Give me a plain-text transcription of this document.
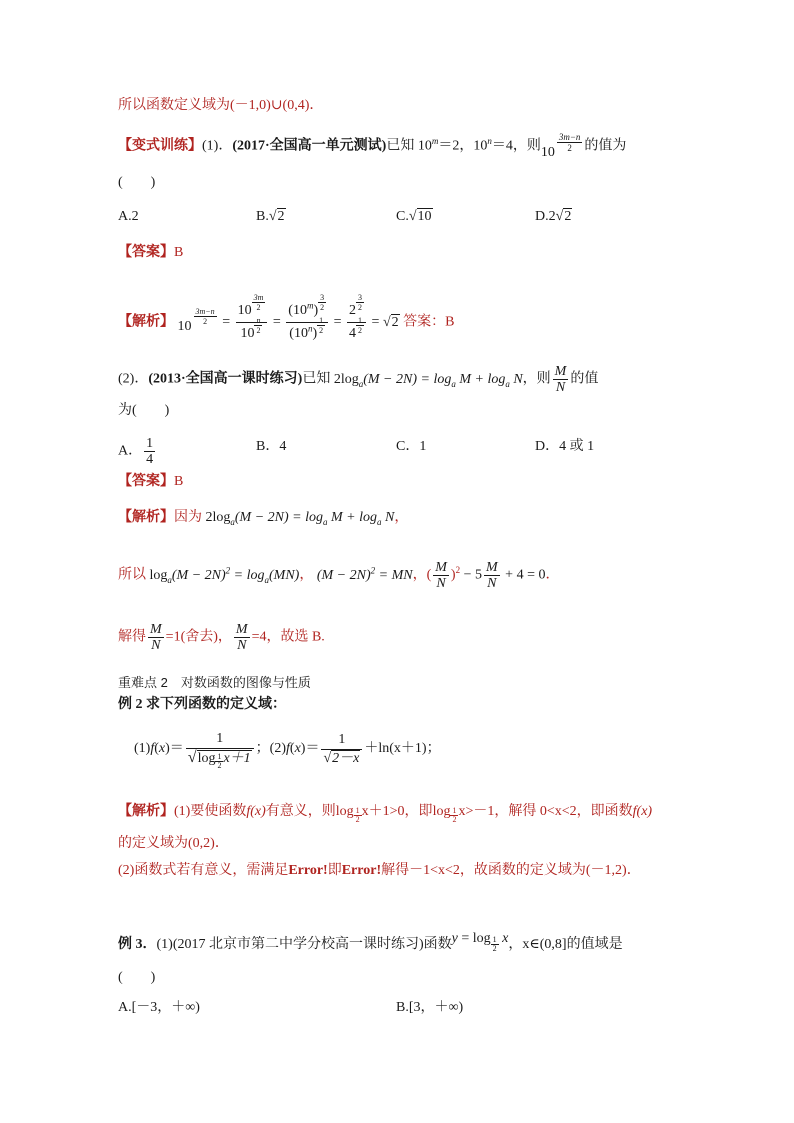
所以函数定义域为(－1,0)∪(0,4)．
【变式训练】(1)．(2017·全国高一单元测试)已知 $10^m=2$，$10^n=4$，则$10 \frac{3m-n}{2}$ 的值为
(　　)
A.2	B.√2	C.√10	D.2√2
【答案】B
【解析】 10
$\frac{3m-n}{2} = \frac{10 \frac{3m}{2}}{10 \frac{n}{2}} = \frac{(10^m) \frac{3}{2}}{(10^n) \frac{1}{2}} = \frac{2 \frac{3}{2}}{4 \frac{1}{2}} = √2$ 答案：B
(2)．(2013·全国高一课时练习)已知 $2\log_a(M - 2N) = \log_a M + \log_a N$，则 $\frac{M}{N}$ 的值
为(　　)
A． $\frac{1}{4}$	B．4	C．1	D．4 或 1
【答案】B
【解析】因为 $2\log_a(M - 2N) = \log_a M + \log_a N$，
所以 $\log_a(M - 2N)^2 = \log_a(MN)$， $(M - 2N)^2$ = MN，( $\frac{M}{N} )^2 - 5 \frac{M}{N} + 4 = 0$．
解得 $\frac{M}{N} =1$(舍去)， $\frac{M}{N} =4$，故选 B.
重难点 2　对数函数的图像与性质
例 2 求下列函数的定义域：
$(1)f(x)= \frac{1}{√\log \frac{1}{2} x+1}$ ；$(2)f(x)= \frac{1}{√2-x} +\ln(x+1)$；
【解析】(1)要使函数f(x)有意义，则$\log \frac{1}{2} x+1>0$，即$\log \frac{1}{2} x>-1$，解得 0<x<2，即函数f(x)
的定义域为(0,2)．
(2)函数式若有意义，需满足Error!即Error!解得－1<x<2，故函数的定义域为(－1,2)．
例 3．(1)(2017 北京市第二中学分校高一课时练习)函数$y = \log \frac{1}{2}$ x，x∈(0,8]的值域是
(　　)
A.[－3，＋∞)	B.[3，＋∞)
